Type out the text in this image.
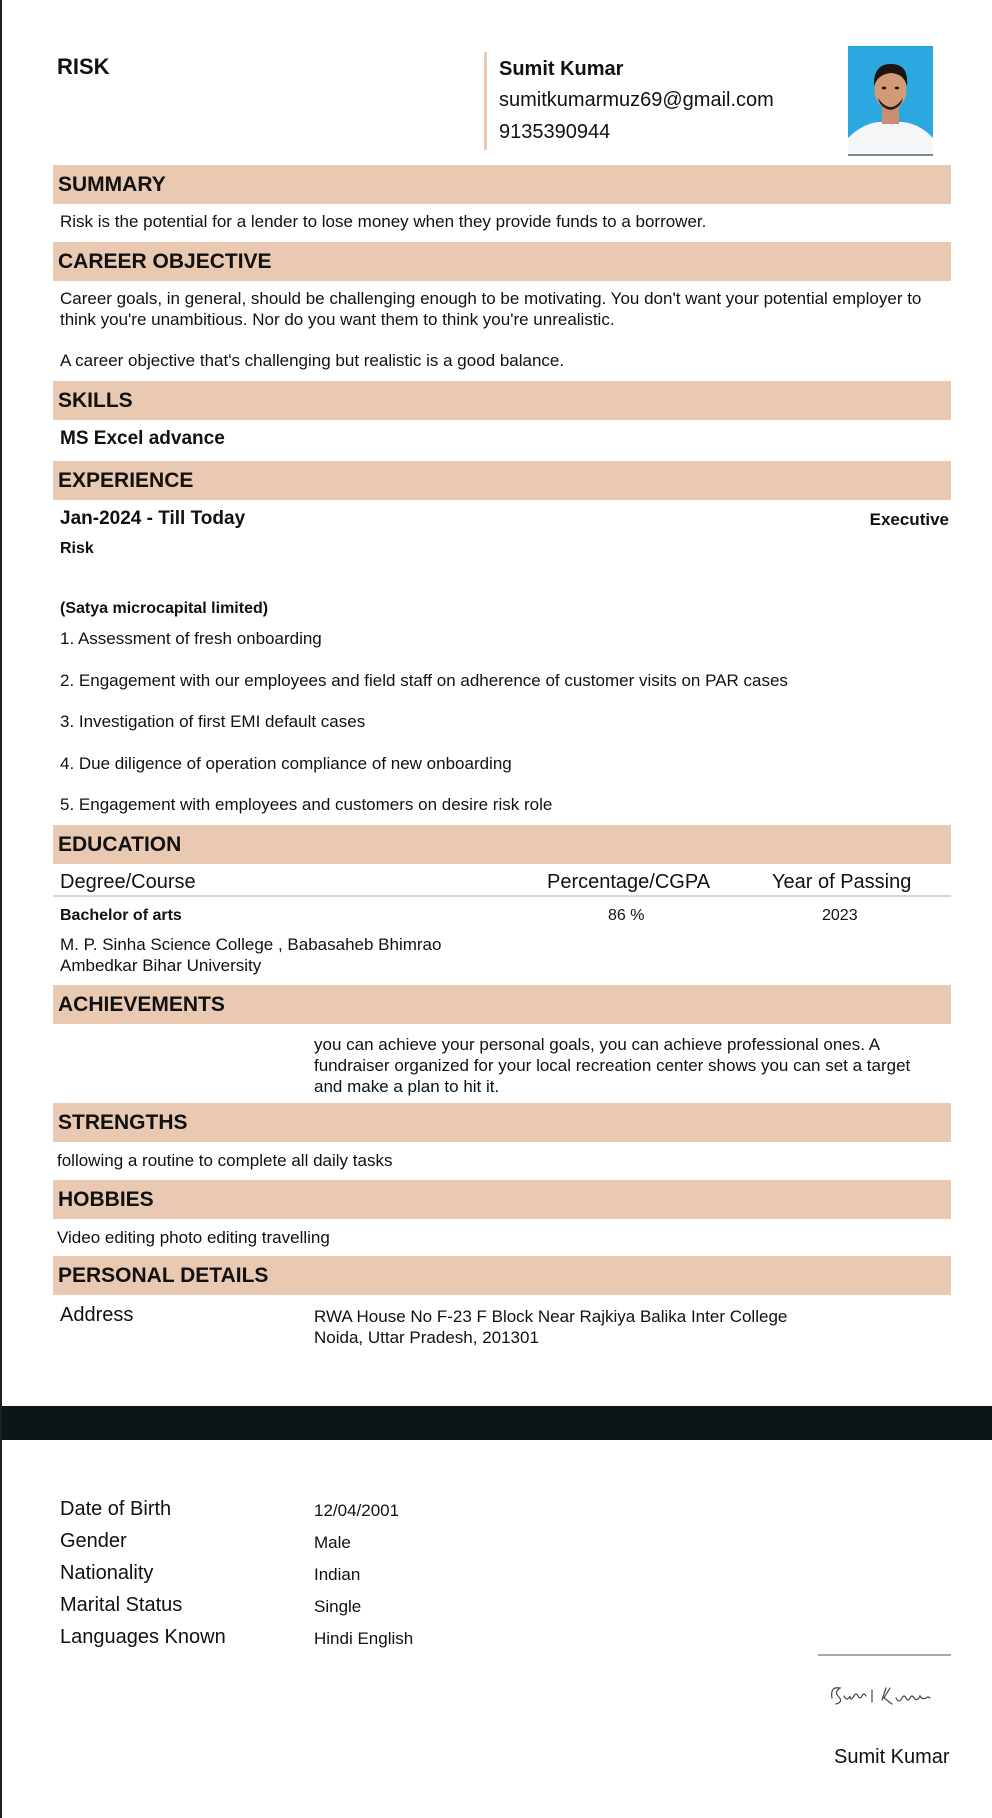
RISK	Sumit Kumar
sumitkumarmuz69@gmail.com
9135390944
SUMMARY
Risk is the potential for a lender to lose money when they provide funds to a borrower.
CAREER OBJECTIVE
Career goals, in general, should be challenging enough to be motivating. You don't want your potential employer to
think you're unambitious. Nor do you want them to think you're unrealistic.
A career objective that's challenging but realistic is a good balance.
SKILLS
MS Excel advance
EXPERIENCE
Jan-2024 - Till Today	Executive
Risk
(Satya microcapital limited)
1. Assessment of fresh onboarding
2. Engagement with our employees and field staff on adherence of customer visits on PAR cases
3. Investigation of first EMI default cases
4. Due diligence of operation compliance of new onboarding
5. Engagement with employees and customers on desire risk role
EDUCATION
Degree/Course	Percentage/CGPA	Year of Passing
Bachelor of arts	86 %	2023
M. P. Sinha Science College , Babasaheb Bhimrao
Ambedkar Bihar University
ACHIEVEMENTS
you can achieve your personal goals, you can achieve professional ones. A
fundraiser organized for your local recreation center shows you can set a target
and make a plan to hit it.
STRENGTHS
following a routine to complete all daily tasks
HOBBIES
Video editing photo editing travelling
PERSONAL DETAILS
Address	RWA House No F-23 F Block Near Rajkiya Balika Inter College
Noida, Uttar Pradesh, 201301
Date of Birth	12/04/2001
Gender	Male
Nationality	Indian
Marital Status	Single
Languages Known	Hindi English
Sumit Kumar
